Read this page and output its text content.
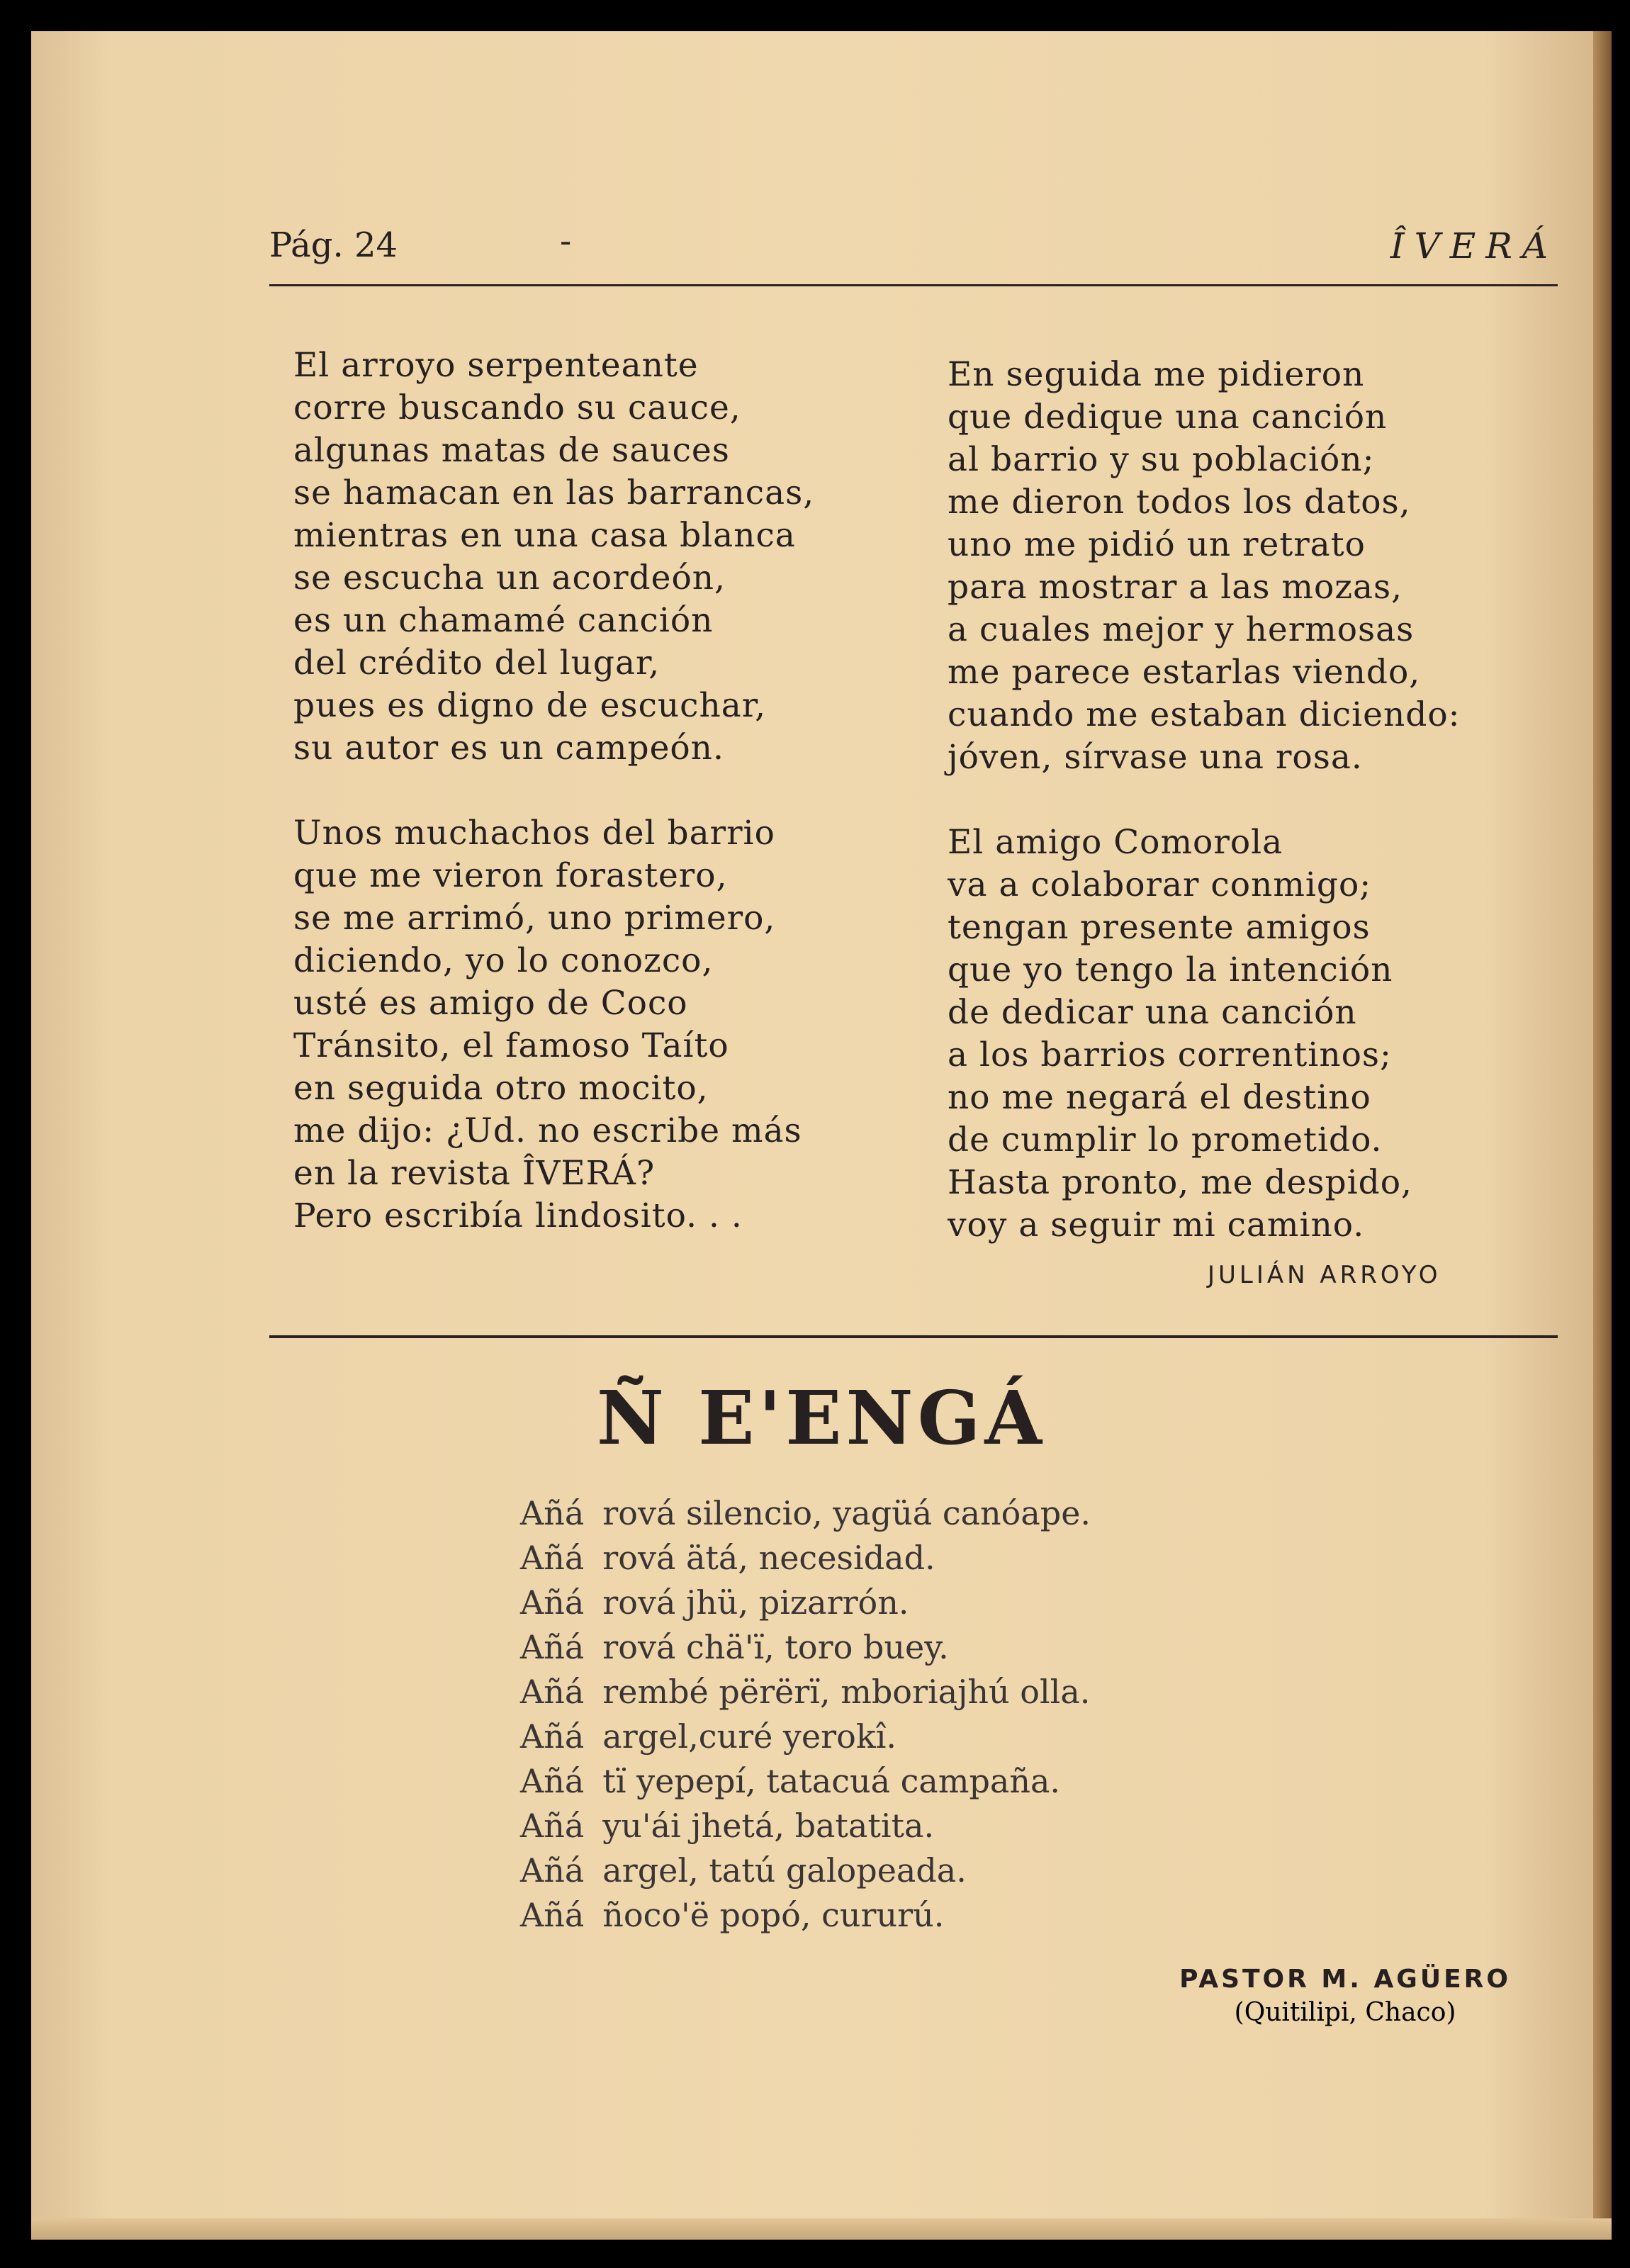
Pág. 24	-	ÎVERÁ
El arroyo serpenteante
corre buscando su cauce,
algunas matas de sauces
se hamacan en las barrancas,
mientras en una casa blanca
se escucha un acordeón,
es un chamamé canción
del crédito del lugar,
pues es digno de escuchar,
su autor es un campeón.
Unos muchachos del barrio
que me vieron forastero,
se me arrimó, uno primero,
diciendo, yo lo conozco,
usté es amigo de Coco
Tránsito, el famoso Taíto
en seguida otro mocito,
me dijo: ¿Ud. no escribe más
en la revista ÎVERÁ?
Pero escribía lindosito. . .
En seguida me pidieron
que dedique una canción
al barrio y su población;
me dieron todos los datos,
uno me pidió un retrato
para mostrar a las mozas,
a cuales mejor y hermosas
me parece estarlas viendo,
cuando me estaban diciendo:
jóven, sírvase una rosa.
El amigo Comorola
va a colaborar conmigo;
tengan presente amigos
que yo tengo la intención
de dedicar una canción
a los barrios correntinos;
no me negará el destino
de cumplir lo prometido.
Hasta pronto, me despido,
voy a seguir mi camino.
JULIÁN ARROYO
Ñ E'ENGÁ
Añá rová silencio, yagüá canóape.
Añá rová ätá, necesidad.
Añá rová jhü, pizarrón.
Añá rová chä'ï, toro buey.
Añá rembé përërï, mboriajhú olla.
Añá argel,curé yerokî.
Añá tï yepepí, tatacuá campaña.
Añá yu'ái jhetá, batatita.
Añá argel, tatú galopeada.
Añá ñoco'ë popó, cururú.
PASTOR M. AGÜERO
(Quitilipi, Chaco)
